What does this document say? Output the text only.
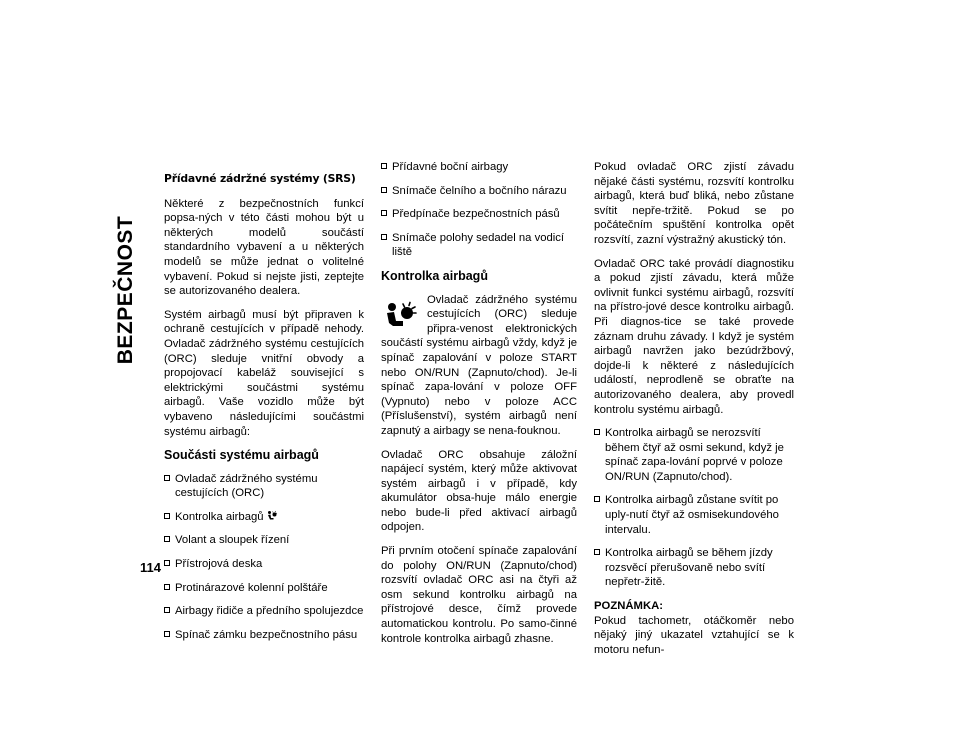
BEZPEČNOST
114
Přídavné zádržné systémy (SRS)

Některé z bezpečnostních funkcí popsa-ných v této části mohou být u některých modelů součástí standardního vybavení a u některých modelů se může jednat o volitelné vybavení. Pokud si nejste jisti, zeptejte se autorizovaného dealera.

Systém airbagů musí být připraven k ochraně cestujících v případě nehody. Ovladač zádržného systému cestujících (ORC) sleduje vnitřní obvody a propojovací kabeláž související s elektrickými součástmi systému airbagů. Vaše vozidlo může být vybaveno následujícími součástmi systému airbagů:

Součásti systému airbagů
Ovladač zádržného systému cestujících (ORC)
Kontrolka airbagů
Volant a sloupek řízení
Přístrojová deska
Protinárazové kolenní polštáře
Airbagy řidiče a předního spolujezdce
Spínač zámku bezpečnostního pásu
Přídavné boční airbagy
Snímače čelního a bočního nárazu
Předpínače bezpečnostních pásů
Snímače polohy sedadel na vodicí liště
Kontrolka airbagů

Ovladač zádržného systému cestujících (ORC) sleduje připra-venost elektronických součástí systému airbagů vždy, když je spínač zapalování v poloze START nebo ON/RUN (Zapnuto/chod). Je-li spínač zapa-lování v poloze OFF (Vypnuto) nebo v poloze ACC (Příslušenství), systém airbagů není zapnutý a airbagy se nena-fouknou.

Ovladač ORC obsahuje záložní napájecí systém, který může aktivovat systém airbagů i v případě, kdy akumulátor obsa-huje málo energie nebo bude-li před aktivací airbagů odpojen.

Při prvním otočení spínače zapalování do polohy ON/RUN (Zapnuto/chod) rozsvítí ovladač ORC asi na čtyři až osm sekund kontrolku airbagů na přístrojové desce, čímž provede automatickou kontrolu. Po samo-činné kontrole kontrolka airbagů zhasne.

Pokud ovladač ORC zjistí závadu nějaké části systému, rozsvítí kontrolku airbagů, která buď bliká, nebo zůstane svítit nepře-tržitě. Pokud se po počátečním spuštění kontrolka opět rozsvítí, zazní výstražný akustický tón.

Ovladač ORC také provádí diagnostiku a pokud zjistí závadu, která může ovlivnit funkci systému airbagů, rozsvítí na přístro-jové desce kontrolku airbagů. Při diagnos-tice se také provede záznam druhu závady. I když je systém airbagů navržen jako bezúdržbový, dojde-li k některé z následujících událostí, neprodleně se obraťte na autorizovaného dealera, aby provedl kontrolu systému airbagů.

Kontrolka airbagů se nerozsvítí během čtyř až osmi sekund, když je spínač zapa-lování poprvé v poloze ON/RUN (Zapnuto/chod).
Kontrolka airbagů zůstane svítit po uply-nutí čtyř až osmisekundového intervalu.
Kontrolka airbagů se během jízdy rozsvěcí přerušovaně nebo svítí nepřetr-žitě.

POZNÁMKA:

Pokud tachometr, otáčkoměr nebo nějaký jiný ukazatel vztahující se k motoru nefun-
